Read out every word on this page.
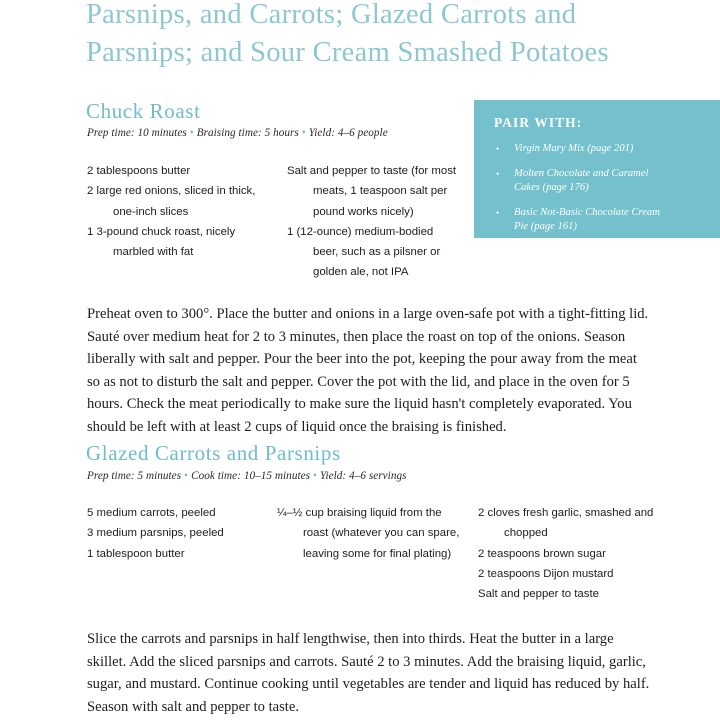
Parsnips, and Carrots; Glazed Carrots and
Parsnips; and Sour Cream Smashed Potatoes
PAIR WITH:
• Virgin Mary Mix (page 201)
• Molten Chocolate and Caramel
Cakes (page 176)
• Basic Not-Basic Chocolate Cream
Pie (page 161)
Chuck Roast
Prep time: 10 minutes • Braising time: 5 hours • Yield: 4–6 people
2 tablespoons butter
2 large red onions, sliced in thick,
one-inch slices
1 3-pound chuck roast, nicely
marbled with fat
Salt and pepper to taste (for most
meats, 1 teaspoon salt per
pound works nicely)
1 (12-ounce) medium-bodied
beer, such as a pilsner or
golden ale, not IPA

Preheat oven to 300°. Place the butter and onions in a large oven-safe pot with a tight-fitting lid. Sauté over medium heat for 2 to 3 minutes, then place the roast on top of the onions. Season liberally with salt and pepper. Pour the beer into the pot, keeping the pour away from the meat so as not to disturb the salt and pepper. Cover the pot with the lid, and place in the oven for 5 hours. Check the meat periodically to make sure the liquid hasn't completely evaporated. You should be left with at least 2 cups of liquid once the braising is finished.

Glazed Carrots and Parsnips
Prep time: 5 minutes • Cook time: 10–15 minutes • Yield: 4–6 servings
5 medium carrots, peeled
3 medium parsnips, peeled
1 tablespoon butter
¼–½ cup braising liquid from the
roast (whatever you can spare,
leaving some for final plating)
2 cloves fresh garlic, smashed and
chopped
2 teaspoons brown sugar
2 teaspoons Dijon mustard
Salt and pepper to taste

Slice the carrots and parsnips in half lengthwise, then into thirds. Heat the butter in a large skillet. Add the sliced parsnips and carrots. Sauté 2 to 3 minutes. Add the braising liquid, garlic, sugar, and mustard. Continue cooking until vegetables are tender and liquid has reduced by half. Season with salt and pepper to taste.
